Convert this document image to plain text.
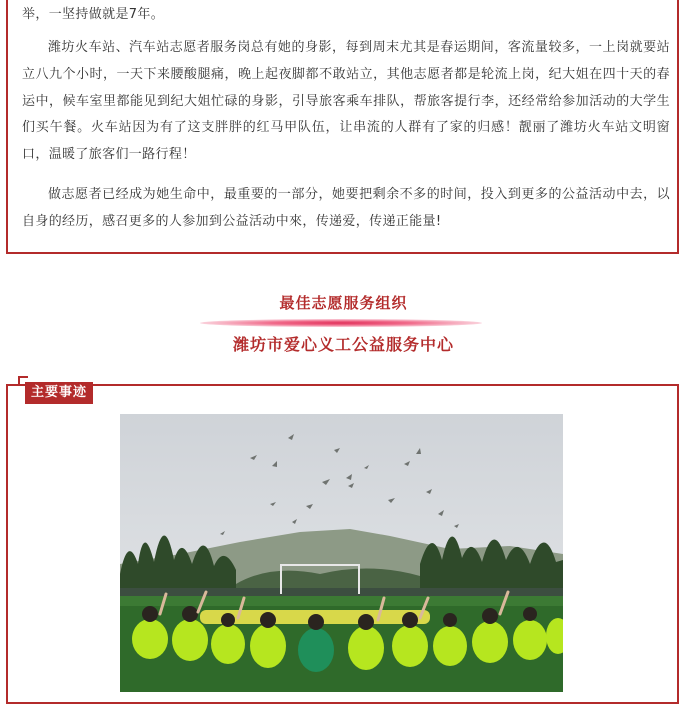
举，一坚持做就是7年。

潍坊火车站、汽车站志愿者服务岗总有她的身影，每到周末尤其是春运期间，客流量较多，一上岗就要站立八九个小时，一天下来腰酸腿痛，晚上起夜脚都不敢站立，其他志愿者都是轮流上岗，纪大姐在四十天的春运中，候车室里都能见到纪大姐忙碌的身影，引导旅客乘车排队，帮旅客提行李，还经常给参加活动的大学生们买午餐。火车站因为有了这支胖胖的红马甲队伍，让串流的人群有了家的归感！靓丽了潍坊火车站文明窗口，温暖了旅客们一路行程！

做志愿者已经成为她生命中，最重要的一部分，她要把剩余不多的时间，投入到更多的公益活动中去，以自身的经历，感召更多的人参加到公益活动中來，传递爱，传递正能量!

最佳志愿服务组织
潍坊市爱心义工公益服务中心
主要事迹
